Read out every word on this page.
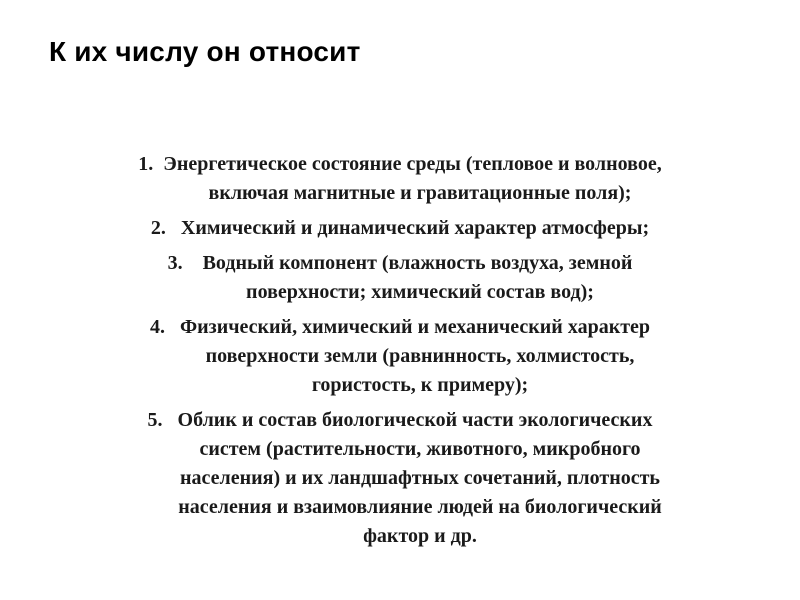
К их числу он относит
1. Энергетическое состояние среды (тепловое и волновое,
включая магнитные и гравитационные поля);
2. Химический и динамический характер атмосферы;
3. Водный компонент (влажность воздуха, земной
поверхности; химический состав вод);
4. Физический, химический и механический характер
поверхности земли (равнинность, холмистость,
гористость, к примеру);
5. Облик и состав биологической части экологических
систем (растительности, животного, микробного
населения) и их ландшафтных сочетаний, плотность
населения и взаимовлияние людей на биологический
фактор и др.
